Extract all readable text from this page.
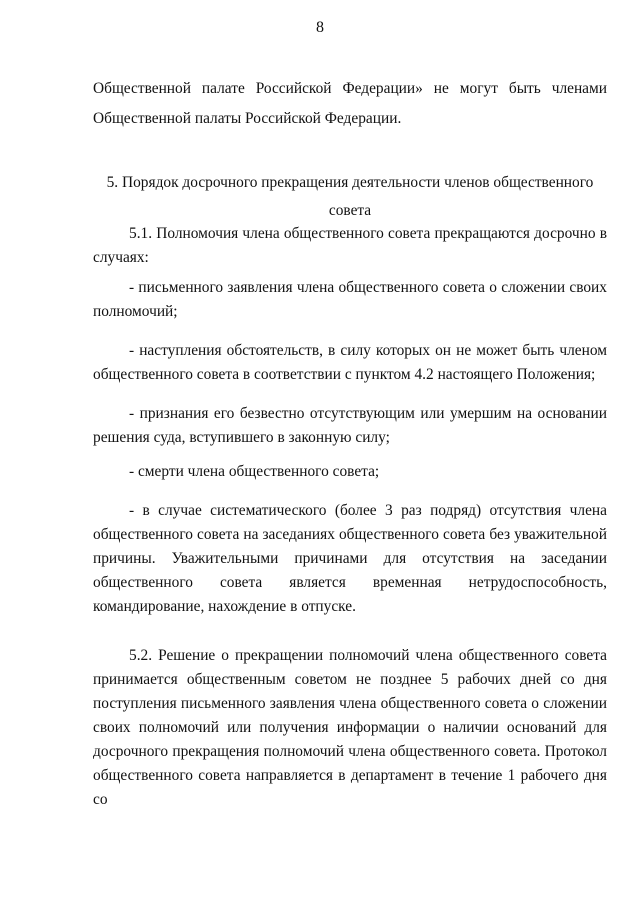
8
Общественной палате Российской Федерации» не могут быть членами
Общественной палаты Российской Федерации.
5. Порядок досрочного прекращения деятельности членов общественного
совета
5.1. Полномочия члена общественного совета прекращаются досрочно в
случаях:
- письменного заявления члена общественного совета о сложении своих
полномочий;
- наступления обстоятельств, в силу которых он не может быть членом
общественного совета в соответствии с пунктом 4.2 настоящего Положения;
- признания его безвестно отсутствующим или умершим на основании
решения суда, вступившего в законную силу;
- смерти члена общественного совета;
- в случае систематического (более 3 раз подряд) отсутствия члена
общественного совета на заседаниях общественного совета без уважительной
причины. Уважительными причинами для отсутствия на заседании
общественного совета является временная нетрудоспособность,
командирование, нахождение в отпуске.
5.2. Решение о прекращении полномочий члена общественного совета
принимается общественным советом не позднее 5 рабочих дней со дня
поступления письменного заявления члена общественного совета о сложении
своих полномочий или получения информации о наличии оснований для
досрочного прекращения полномочий члена общественного совета. Протокол
общественного совета направляется в департамент в течение 1 рабочего дня со
